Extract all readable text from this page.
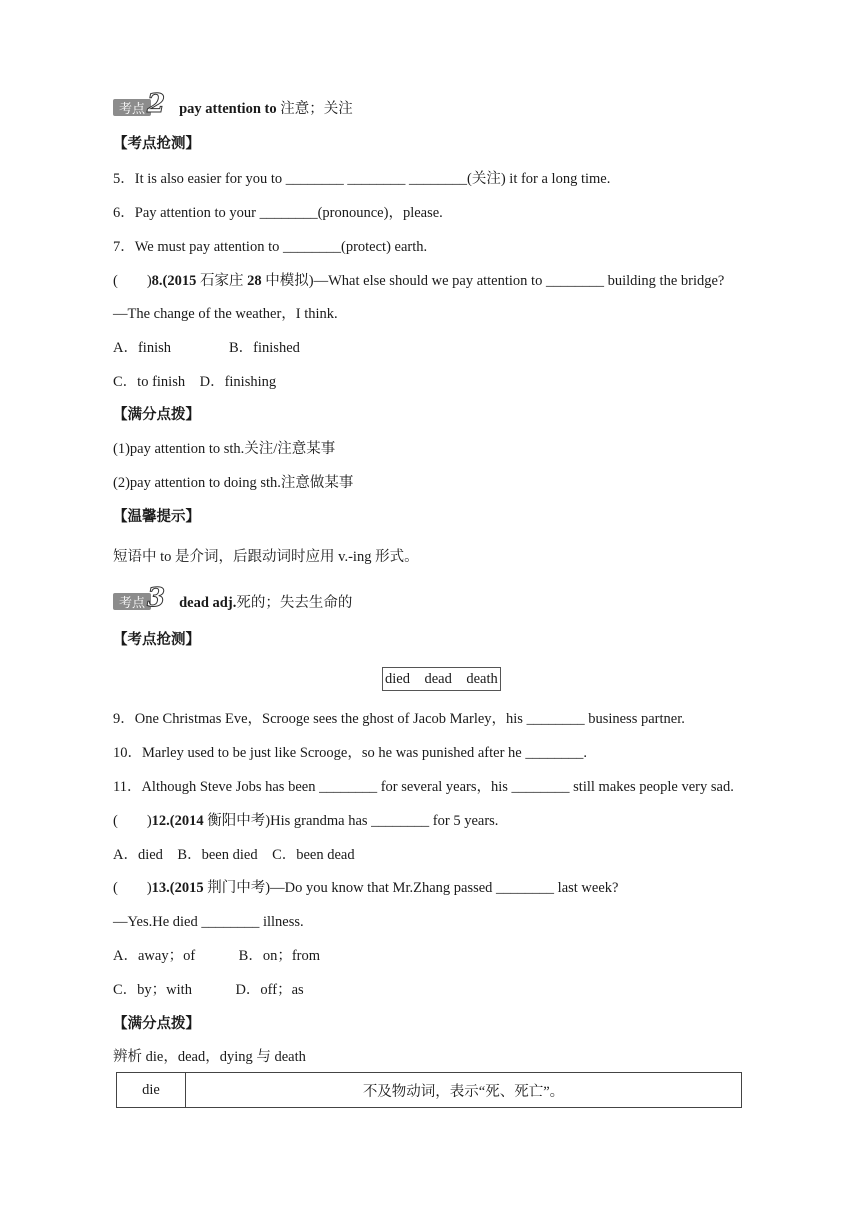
考点 2 pay attention to 注意；关注
【考点抢测】
5．It is also easier for you to ________ ________ ________(关注) it for a long time.
6．Pay attention to your ________(pronounce)，please.
7．We must pay attention to ________(protect) earth.
(　　)8.(2015 石家庄 28 中模拟)—What else should we pay attention to ________ building the bridge?
—The change of the weather，I think.
A．finish　　　　B．finished
C．to finish　D．finishing
【满分点拨】
(1)pay attention to sth.关注/注意某事
(2)pay attention to doing sth.注意做某事
【温馨提示】
短语中 to 是介词，后跟动词时应用 v.-ing 形式。
考点 3 dead adj.死的；失去生命的
【考点抢测】
died　dead　death
9．One Christmas Eve，Scrooge sees the ghost of Jacob Marley，his ________ business partner.
10．Marley used to be just like Scrooge，so he was punished after he ________.
11．Although Steve Jobs has been ________ for several years，his ________ still makes people very sad.
(　　)12.(2014 衡阳中考)His grandma has ________ for 5 years.
A．died　B．been died　C．been dead
(　　)13.(2015 荆门中考)—Do you know that Mr.Zhang passed ________ last week?
—Yes.He died ________ illness.
A．away；of　　　B．on；from
C．by；with　　　D．off；as
【满分点拨】
辨析 die，dead，dying 与 death
die	不及物动词，表示“死、死亡”。
